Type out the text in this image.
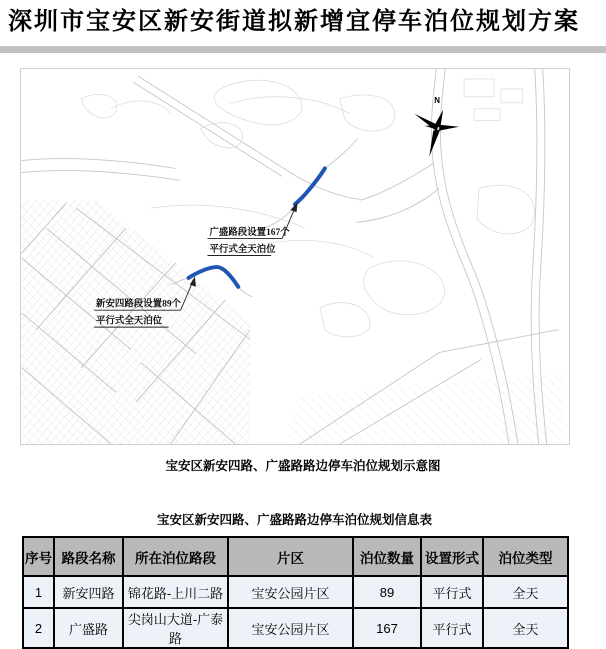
深圳市宝安区新安街道拟新增宜停车泊位规划方案
广盛路段设置167个
平行式全天泊位
新安四路段设置89个
平行式全天泊位
N
宝安区新安四路、广盛路路边停车泊位规划示意图
宝安区新安四路、广盛路路边停车泊位规划信息表
序号	路段名称	所在泊位路段	片区	泊位数量	设置形式	泊位类型
1	新安四路	锦花路-上川二路	宝安公园片区	89	平行式	全天
2	广盛路	尖岗山大道-广泰路	宝安公园片区	167	平行式	全天
